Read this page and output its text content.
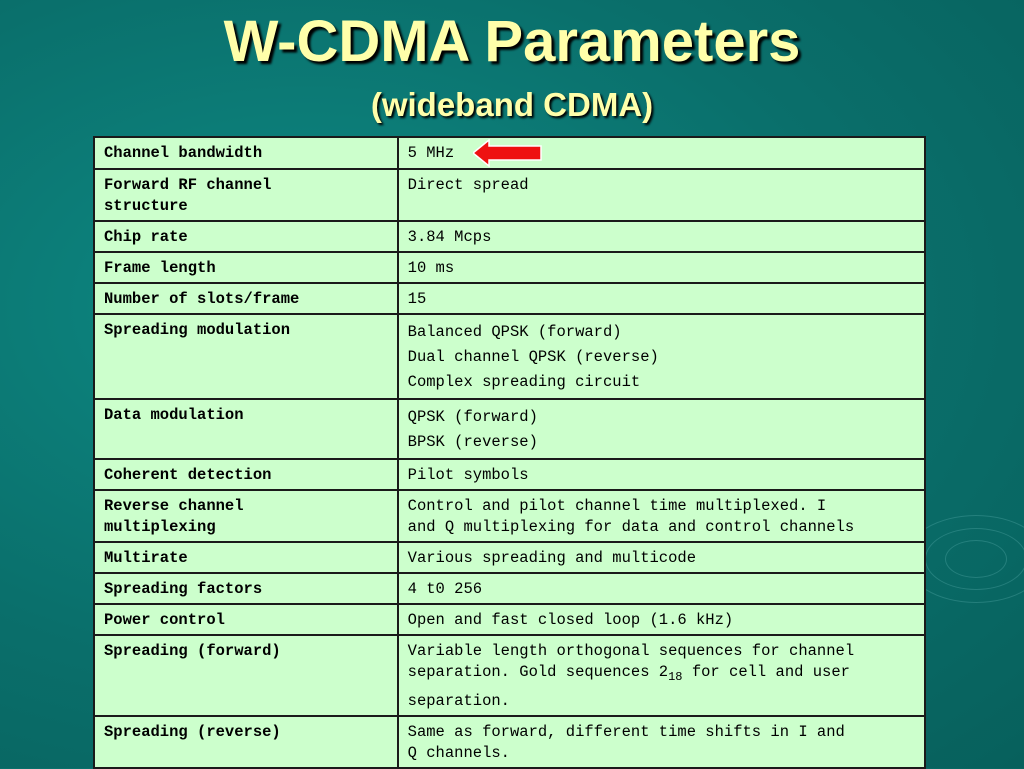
W-CDMA Parameters
(wideband CDMA)
Channel bandwidth	5 MHz

Forward RF channel
structure	Direct spread
Chip rate	3.84 Mcps
Frame length	10 ms
Number of slots/frame	15
Spreading modulation	Balanced QPSK (forward)
Dual channel QPSK (reverse)
Complex spreading circuit

Data modulation	QPSK (forward)
BPSK (reverse)

Coherent detection	Pilot symbols

Reverse channel
multiplexing	Control and pilot channel time multiplexed. I
and Q multiplexing for data and control channels

Multirate	Various spreading and multicode
Spreading factors	4 t0 256
Power control	Open and fast closed loop (1.6 kHz)
Spreading (forward)	Variable length orthogonal sequences for channel
separation. Gold sequences $2_{18}$ for cell and user
separation.

Spreading (reverse)	Same as forward, different time shifts in I and
Q channels.
